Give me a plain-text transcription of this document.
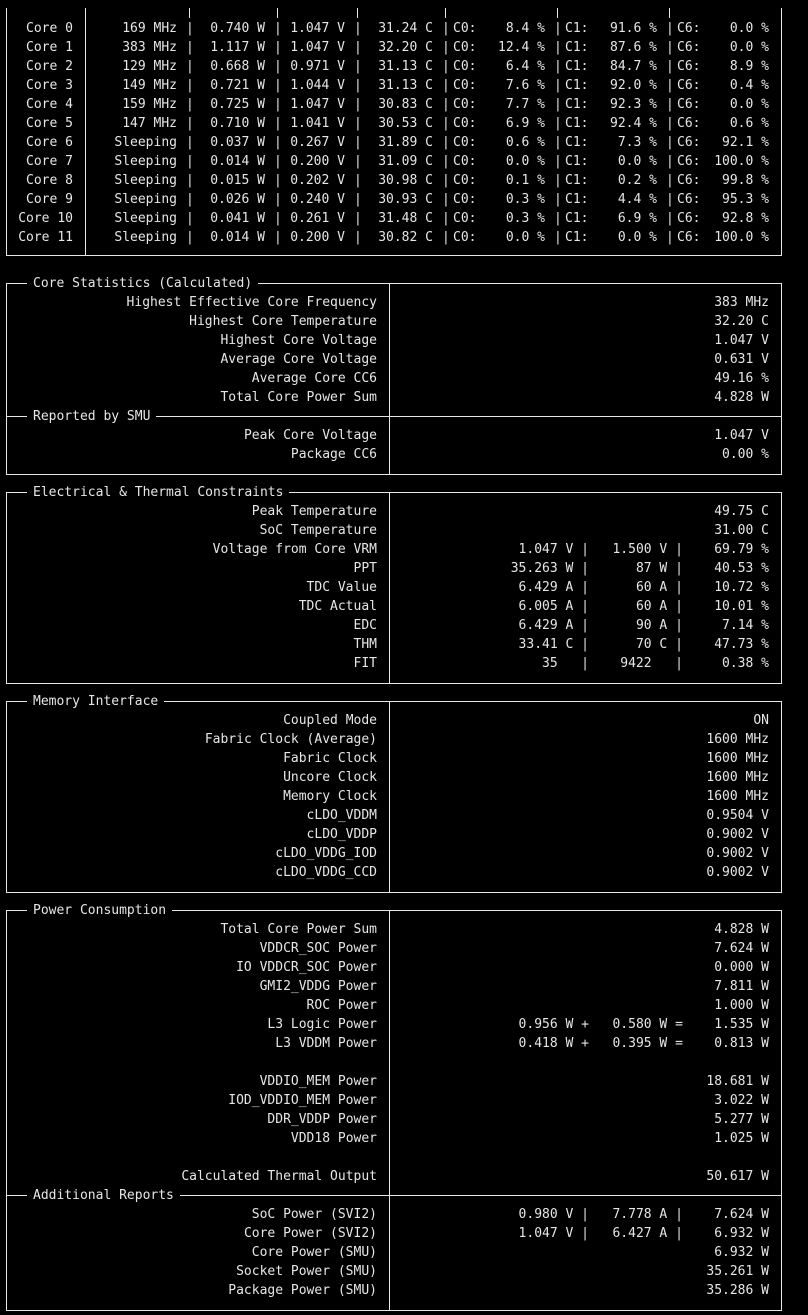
Core 0	169 MHz	0.740 W 1.047 V	31.24 C C0: 8.4 % C1: 91.6 % C6: 0.0 %
|	|	|	|	|	|
Core 1	383 MHz	1.117 W 1.047 V	32.20 C C0: 12.4 % C1: 87.6 % C6: 0.0 %
|	|	|	|	|	|
Core 2	129 MHz	0.668 W 0.971 V	31.13 C C0: 6.4 % C1: 84.7 % C6: 8.9 %
|	|	|	|	|	|
Core 3	149 MHz	0.721 W 1.044 V	31.13 C C0: 7.6 % C1: 92.0 % C6: 0.4 %
|	|	|	|	|	|
Core 4	159 MHz	0.725 W 1.047 V	30.83 C C0: 7.7 % C1: 92.3 % C6: 0.0 %
|	|	|	|	|	|
Core 5	147 MHz	0.710 W 1.041 V	30.53 C C0: 6.9 % C1: 92.4 % C6: 0.6 %
|	|	|	|	|	|
Core 6	Sleeping	0.037 W 0.267 V	31.89 C C0: 0.6 % C1: 7.3 % C6: 92.1 %
|	|	|	|	|	|
Core 7	Sleeping	0.014 W 0.200 V	31.09 C C0: 0.0 % C1: 0.0 % C6: 100.0 %
|	|	|	|	|	|
Core 8	Sleeping	0.015 W 0.202 V	30.98 C C0: 0.1 % C1: 0.2 % C6: 99.8 %
|	|	|	|	|	|
Core 9	Sleeping	0.026 W 0.240 V	30.93 C C0: 0.3 % C1: 4.4 % C6: 95.3 %
|	|	|	|	|	|
Core 10	Sleeping	0.041 W 0.261 V	31.48 C C0: 0.3 % C1: 6.9 % C6: 92.8 %
|	|	|	|	|	|
Core 11	Sleeping	0.014 W 0.200 V	30.82 C C0: 0.0 % C1: 0.0 % C6: 100.0 %
|	|	|	|	|	|
Core Statistics (Calculated)
Highest Effective Core Frequency	383 MHz
Highest Core Temperature	32.20 C
Highest Core Voltage	1.047 V
Average Core Voltage	0.631 V
Average Core CC6	49.16 %
Total Core Power Sum	4.828 W
Reported by SMU
Peak Core Voltage	1.047 V
Package CC6	0.00 %
Electrical & Thermal Constraints
Peak Temperature	49.75 C
SoC Temperature	31.00 C
Voltage from Core VRM	1.047 V |   1.500 V |    69.79 %
PPT	35.263 W |      87 W |    40.53 %
TDC Value	6.429 A |      60 A |    10.72 %
TDC Actual	6.005 A |      60 A |    10.01 %
EDC	6.429 A |      90 A |     7.14 %
THM	33.41 C |      70 C |    47.73 %
FIT	35   |    9422   |     0.38 %
Memory Interface
Coupled Mode	ON
Fabric Clock (Average)	1600 MHz
Fabric Clock	1600 MHz
Uncore Clock	1600 MHz
Memory Clock	1600 MHz
cLDO_VDDM	0.9504 V
cLDO_VDDP	0.9002 V
cLDO_VDDG_IOD	0.9002 V
cLDO_VDDG_CCD	0.9002 V
Power Consumption
Total Core Power Sum	4.828 W
VDDCR_SOC Power	7.624 W
IO VDDCR_SOC Power	0.000 W
GMI2_VDDG Power	7.811 W
ROC Power	1.000 W
L3 Logic Power	0.956 W +   0.580 W =    1.535 W
L3 VDDM Power	0.418 W +   0.395 W =    0.813 W
VDDIO_MEM Power	18.681 W
IOD_VDDIO_MEM Power	3.022 W
DDR_VDDP Power	5.277 W
VDD18 Power	1.025 W
Calculated Thermal Output	50.617 W
Additional Reports
SoC Power (SVI2)	0.980 V |   7.778 A |    7.624 W
Core Power (SVI2)	1.047 V |   6.427 A |    6.932 W
Core Power (SMU)	6.932 W
Socket Power (SMU)	35.261 W
Package Power (SMU)	35.286 W
